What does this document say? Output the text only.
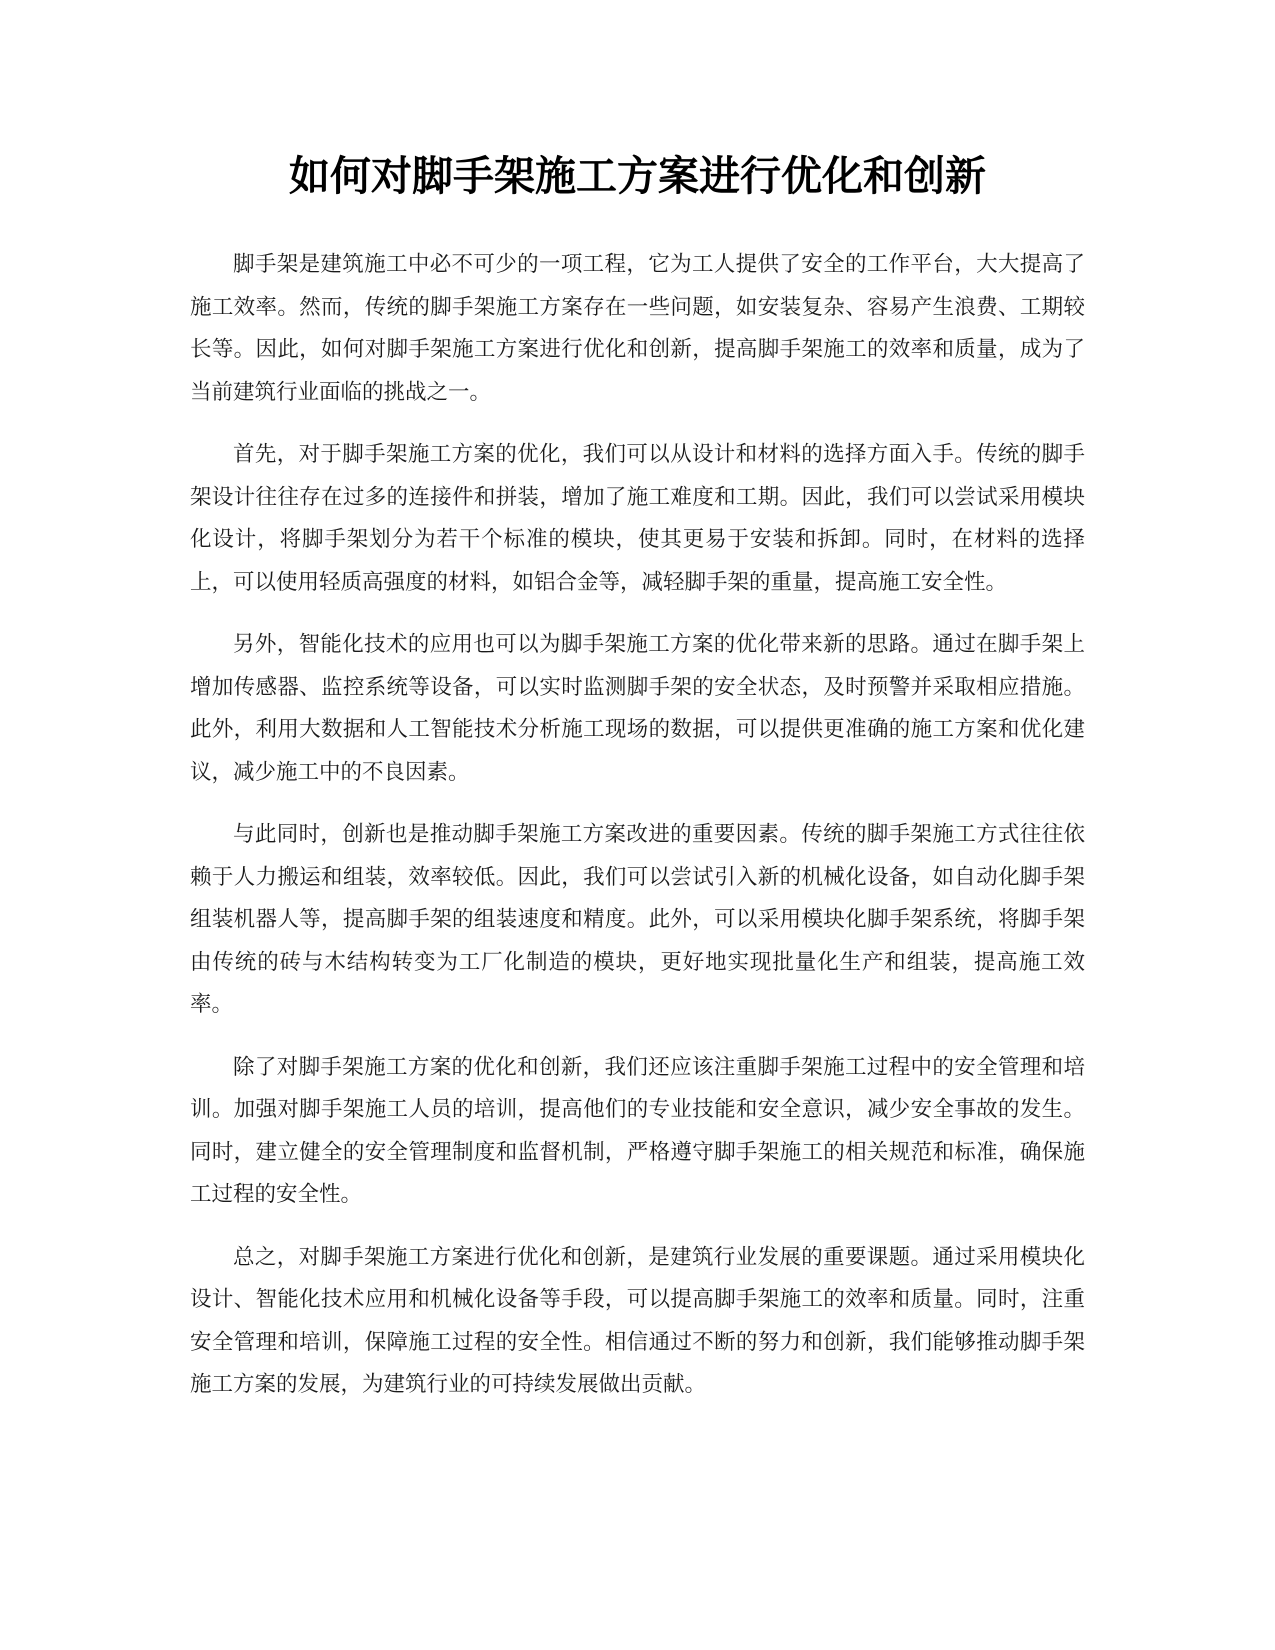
如何对脚手架施工方案进行优化和创新

脚手架是建筑施工中必不可少的一项工程，它为工人提供了安全的工作平台，大大提高了施工效率。然而，传统的脚手架施工方案存在一些问题，如安装复杂、容易产生浪费、工期较长等。因此，如何对脚手架施工方案进行优化和创新，提高脚手架施工的效率和质量，成为了当前建筑行业面临的挑战之一。

首先，对于脚手架施工方案的优化，我们可以从设计和材料的选择方面入手。传统的脚手架设计往往存在过多的连接件和拼装，增加了施工难度和工期。因此，我们可以尝试采用模块化设计，将脚手架划分为若干个标准的模块，使其更易于安装和拆卸。同时，在材料的选择上，可以使用轻质高强度的材料，如铝合金等，减轻脚手架的重量，提高施工安全性。

另外，智能化技术的应用也可以为脚手架施工方案的优化带来新的思路。通过在脚手架上增加传感器、监控系统等设备，可以实时监测脚手架的安全状态，及时预警并采取相应措施。此外，利用大数据和人工智能技术分析施工现场的数据，可以提供更准确的施工方案和优化建议，减少施工中的不良因素。

与此同时，创新也是推动脚手架施工方案改进的重要因素。传统的脚手架施工方式往往依赖于人力搬运和组装，效率较低。因此，我们可以尝试引入新的机械化设备，如自动化脚手架组装机器人等，提高脚手架的组装速度和精度。此外，可以采用模块化脚手架系统，将脚手架由传统的砖与木结构转变为工厂化制造的模块，更好地实现批量化生产和组装，提高施工效率。

除了对脚手架施工方案的优化和创新，我们还应该注重脚手架施工过程中的安全管理和培训。加强对脚手架施工人员的培训，提高他们的专业技能和安全意识，减少安全事故的发生。同时，建立健全的安全管理制度和监督机制，严格遵守脚手架施工的相关规范和标准，确保施工过程的安全性。

总之，对脚手架施工方案进行优化和创新，是建筑行业发展的重要课题。通过采用模块化设计、智能化技术应用和机械化设备等手段，可以提高脚手架施工的效率和质量。同时，注重安全管理和培训，保障施工过程的安全性。相信通过不断的努力和创新，我们能够推动脚手架施工方案的发展，为建筑行业的可持续发展做出贡献。
